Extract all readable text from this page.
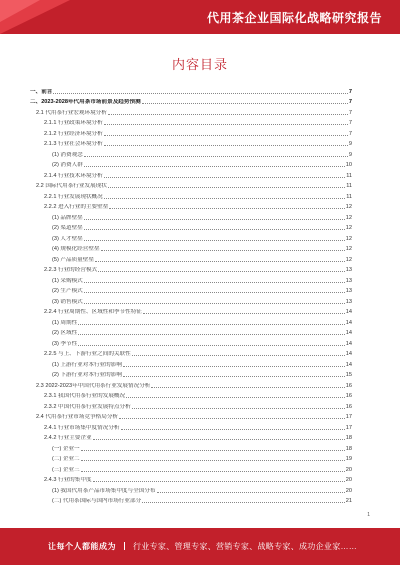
代用茶企业国际化战略研究报告
内容目录
一、前言	7
二、2023-2028年代用茶市场前景及趋势预测	7
2.1 代用茶行业宏观环境分析	7
2.1.1 行业政策环境分析	7
2.1.2 行业经济环境分析	7
2.1.3 行业社会环境分析	9
(1) 消费观念	9
(2) 消费人群	10
2.1.4 行业技术环境分析	11
2.2 国际代用茶行业发展现状	11
2.2.1 行业发展现状概况	11
2.2.2 进入行业的主要壁垒	12
(1) 品牌壁垒	12
(2) 渠道壁垒	12
(3) 人才壁垒	12
(4) 规模化经营壁垒	12
(5) 产品质量壁垒	12
2.2.3 行业的经营模式	13
(1) 采购模式	13
(2) 生产模式	13
(3) 销售模式	13
2.2.4 行业周期性、区域性和季节性特征	14
(1) 周期性	14
(2) 区域性	14
(3) 季节性	14
2.2.5 与上、下游行业之间的关联性	14
(1) 上游行业对本行业的影响	14
(2) 下游行业对本行业的影响	15
2.3 2022-2023年中国代用茶行业发展情况分析	16
2.3.1 我国代用茶行业的发展概况	16
2.3.2 中国代用茶行业发展特点分析	16
2.4 代用茶行业市场竞争格局分析	17
2.4.1 行业市场集中度情况分析	17
2.4.2 行业主要企业	18
(一) 企业一	18
(二) 企业二	19
(三) 企业三	20
2.4.3 行业的集中度	20
(1) 我国代用茶产品市场集中度与全国分布	20
(二) 代用茶国际与国内市场行业部分	21
1
让每个人都能成为 行业专家、管理专家、营销专家、战略专家、成功企业家……
